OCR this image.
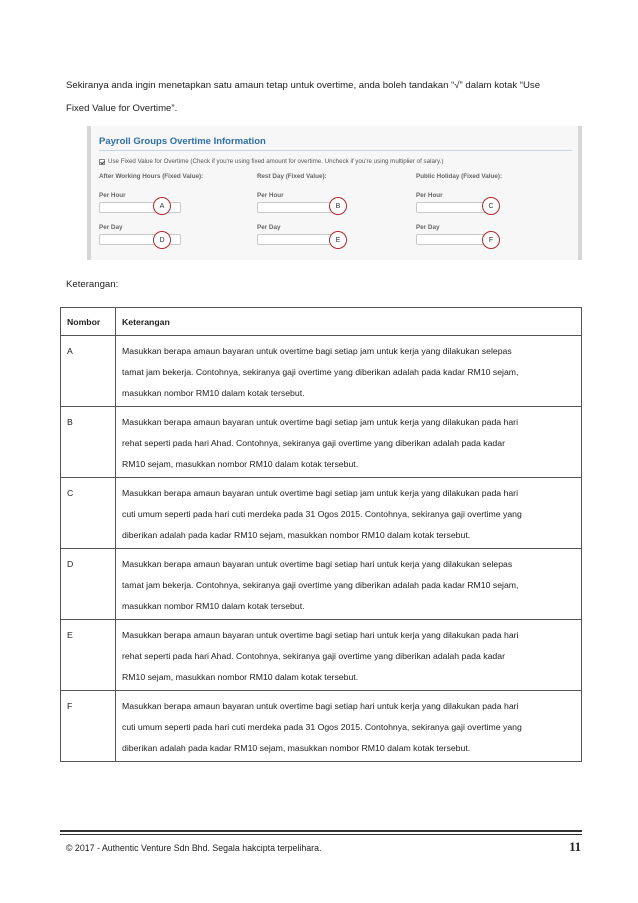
Sekiranya anda ingin menetapkan satu amaun tetap untuk overtime, anda boleh tandakan “√” dalam kotak “Use

Fixed Value for Overtime”.

Payroll Groups Overtime Information
Use Fixed Value for Overtime (Check if you're using fixed amount for overtime. Uncheck if you're using multiplier of salary.)
After Working Hours (Fixed Value):
Per Hour
Per Day
A
D
Rest Day (Fixed Value):
Per Hour
Per Day
B
E
Public Holiday (Fixed Value):
Per Hour
Per Day
C
F
Keterangan:
Nombor	Keterangan
A	Masukkan berapa amaun bayaran untuk overtime bagi setiap jam untuk kerja yang dilakukan selepas
tamat jam bekerja. Contohnya, sekiranya gaji overtime yang diberikan adalah pada kadar RM10 sejam,
masukkan nombor RM10 dalam kotak tersebut.

B	Masukkan berapa amaun bayaran untuk overtime bagi setiap jam untuk kerja yang dilakukan pada hari
rehat seperti pada hari Ahad. Contohnya, sekiranya gaji overtime yang diberikan adalah pada kadar
RM10 sejam, masukkan nombor RM10 dalam kotak tersebut.

C	Masukkan berapa amaun bayaran untuk overtime bagi setiap jam untuk kerja yang dilakukan pada hari
cuti umum seperti pada hari cuti merdeka pada 31 Ogos 2015. Contohnya, sekiranya gaji overtime yang
diberikan adalah pada kadar RM10 sejam, masukkan nombor RM10 dalam kotak tersebut.

D	Masukkan berapa amaun bayaran untuk overtime bagi setiap hari untuk kerja yang dilakukan selepas
tamat jam bekerja. Contohnya, sekiranya gaji overtime yang diberikan adalah pada kadar RM10 sejam,
masukkan nombor RM10 dalam kotak tersebut.

E	Masukkan berapa amaun bayaran untuk overtime bagi setiap hari untuk kerja yang dilakukan pada hari
rehat seperti pada hari Ahad. Contohnya, sekiranya gaji overtime yang diberikan adalah pada kadar
RM10 sejam, masukkan nombor RM10 dalam kotak tersebut.

F	Masukkan berapa amaun bayaran untuk overtime bagi setiap hari untuk kerja yang dilakukan pada hari
cuti umum seperti pada hari cuti merdeka pada 31 Ogos 2015. Contohnya, sekiranya gaji overtime yang
diberikan adalah pada kadar RM10 sejam, masukkan nombor RM10 dalam kotak tersebut.
© 2017 - Authentic Venture Sdn Bhd. Segala hakcipta terpelihara.	11
